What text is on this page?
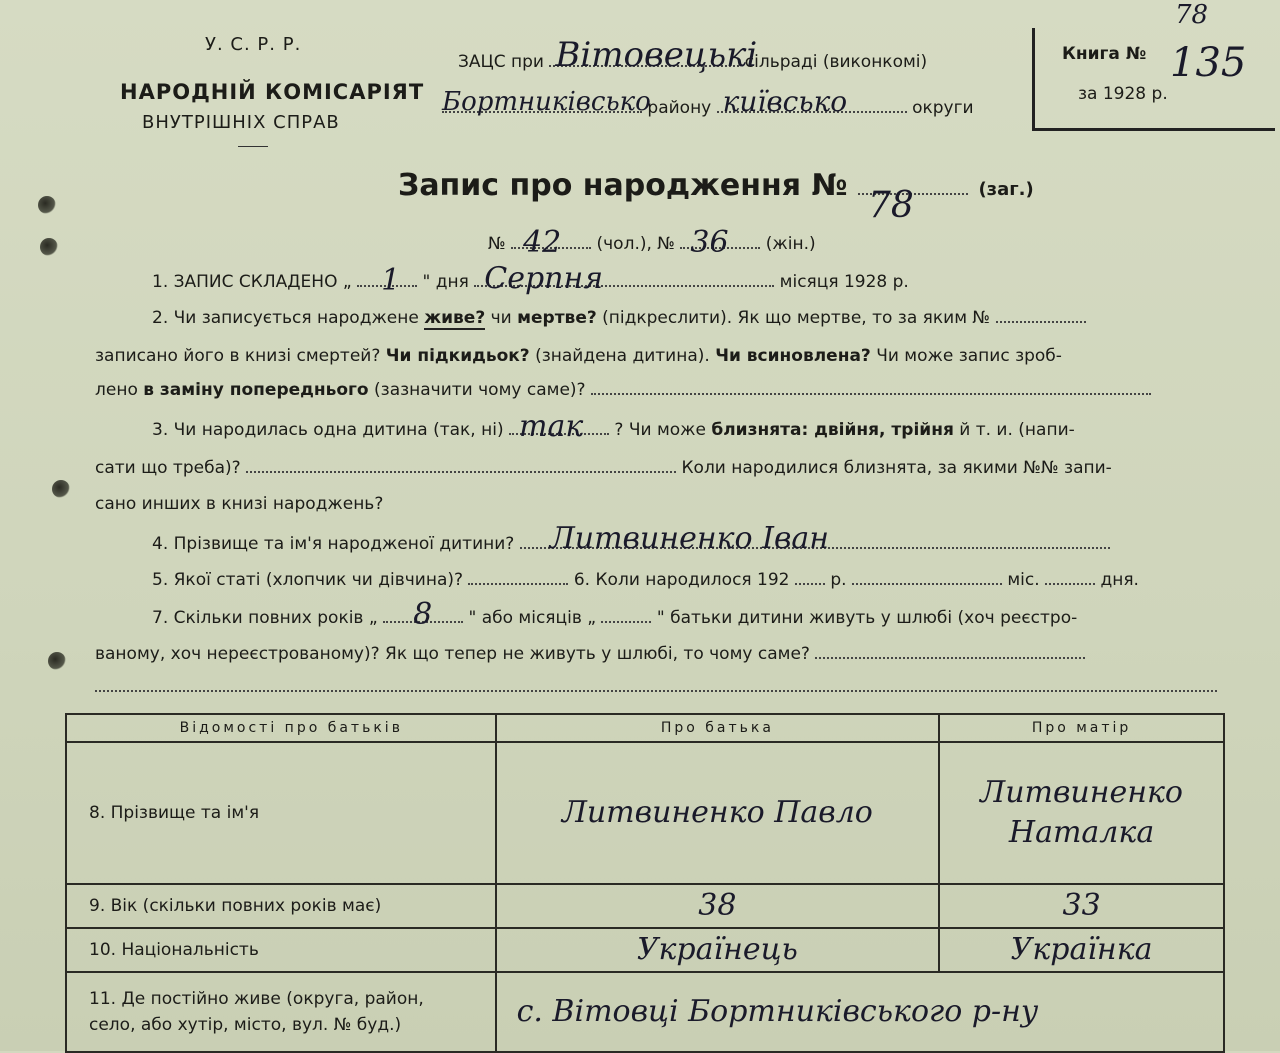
У. С. Р. Р.
НАРОДНІЙ КОМІСАРІЯТ
ВНУТРІШНІХ СПРАВ
ЗАЦС при Вітовецькі
сільраді (виконкомі)
Бортниківсько
району київсько	округи
Книга № 135
78
за 1928 р.
Запис про народження № 78	(заг.)
№ 42 (чол.), № 36 (жін.)
1. ЗАПИС СКЛАДЕНО „ 1 " дня Серпня	місяця 1928 р.
2. Чи записується народжене живе? чи мертве? (підкреслити). Як що мертве, то за яким №
записано його в книзі смертей? Чи підкидьок? (знайдена дитина). Чи всиновлена? Чи може запис зроб-
лено в заміну попереднього (зазначити чому саме)?
3. Чи народилась одна дитина (так, ні) так ? Чи може близнята: двійня, трійня й т. и. (напи-
сати що треба)?	Коли народилися близнята, за якими №№ запи-
сано инших в книзі народжень?
4. Прізвище та ім'я народженої дитини? Литвиненко Іван
5. Якої статі (хлопчик чи дівчина)?	6. Коли народилося 192 р.	міс.	дня.
7. Скільки повних років „ 8 " або місяців „	" батьки дитини живуть у шлюбі (хоч реєстро-
ваному, хоч нереєстрованому)? Як що тепер не живуть у шлюбі, то чому саме?
Відомості про батьків	Про батька	Про матір
8. Прізвище та ім'я	Литвиненко Павло	Литвиненко Наталка
9. Вік (скільки повних років має)	38	33
10. Національність	Українець	Українка
11. Де постійно живе (округа, район, село, або хутір, місто, вул. № буд.)	с. Вітовці Бортниківського р-ну	
